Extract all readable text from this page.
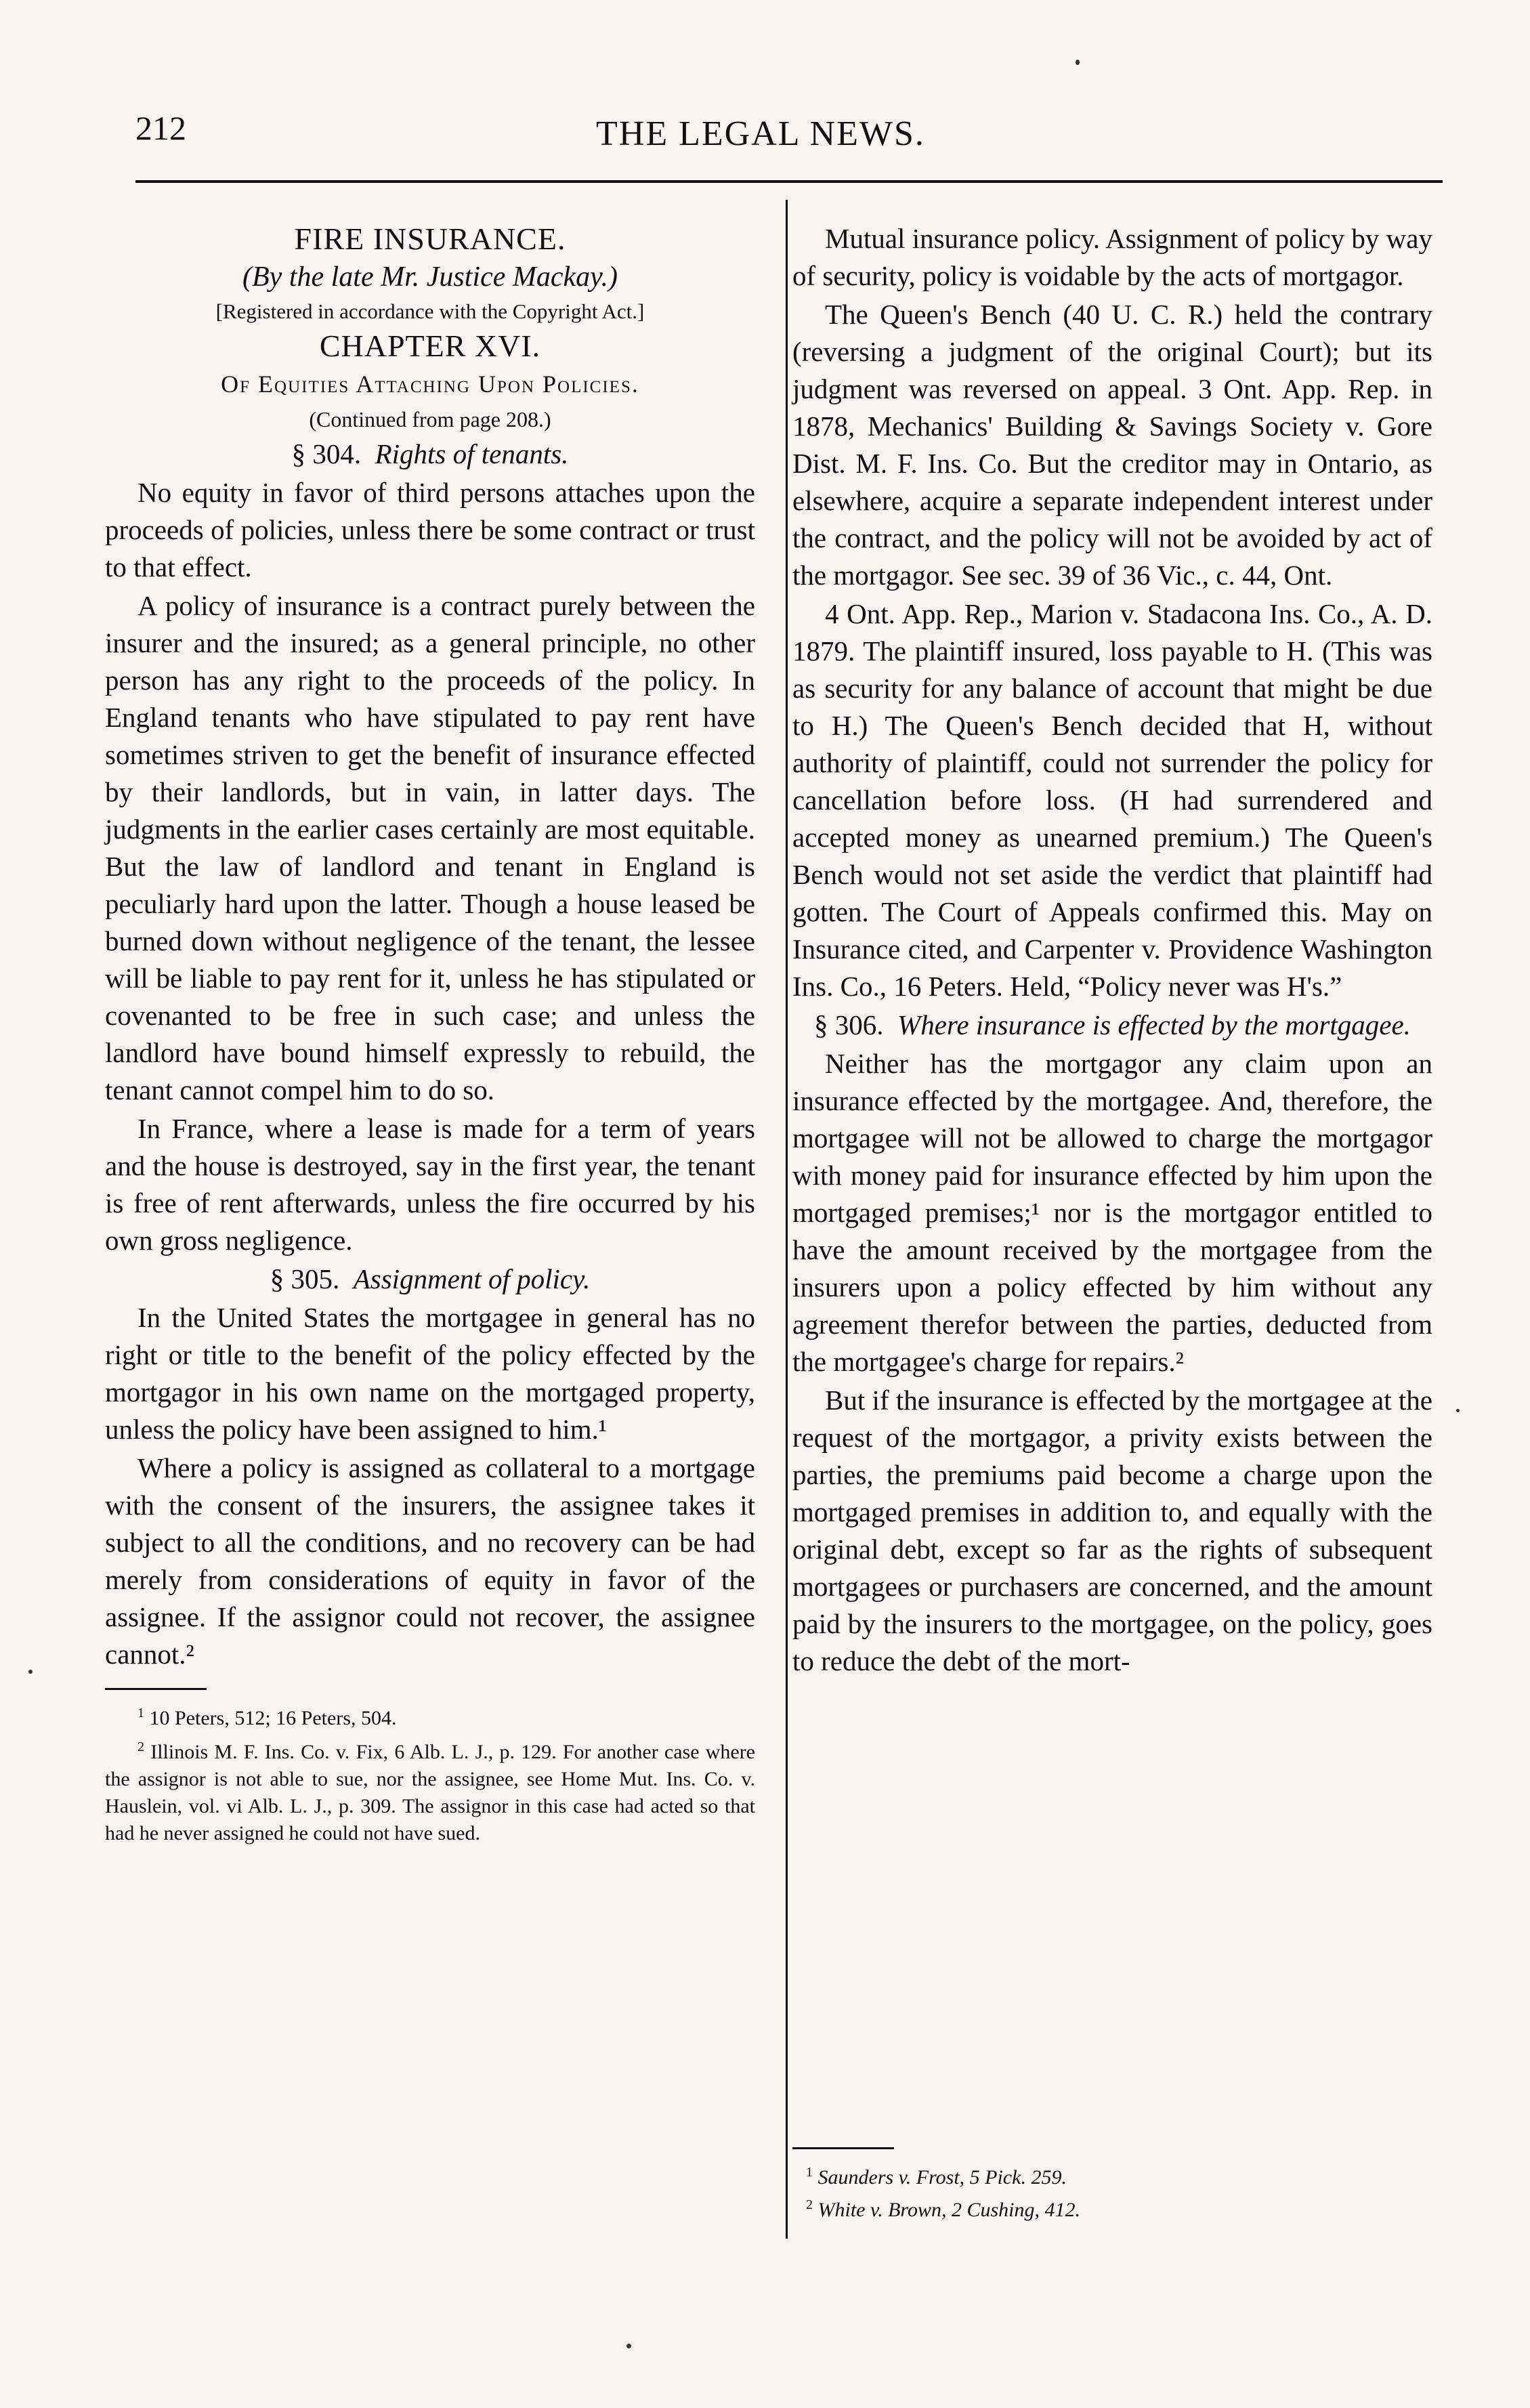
212	THE LEGAL NEWS.

FIRE INSURANCE.

(By the late Mr. Justice Mackay.)

[Registered in accordance with the Copyright Act.]

CHAPTER XVI.

Of Equities Attaching Upon Policies.

(Continued from page 208.)

§ 304. Rights of tenants.

No equity in favor of third persons attaches upon the proceeds of policies, unless there be some contract or trust to that effect.

A policy of insurance is a contract purely between the insurer and the insured; as a general principle, no other person has any right to the proceeds of the policy. In England tenants who have stipulated to pay rent have sometimes striven to get the benefit of insurance effected by their landlords, but in vain, in latter days. The judgments in the earlier cases certainly are most equitable. But the law of landlord and tenant in England is peculiarly hard upon the latter. Though a house leased be burned down without negligence of the tenant, the lessee will be liable to pay rent for it, unless he has stipulated or covenanted to be free in such case; and unless the landlord have bound himself expressly to rebuild, the tenant cannot compel him to do so.

In France, where a lease is made for a term of years and the house is destroyed, say in the first year, the tenant is free of rent afterwards, unless the fire occurred by his own gross negligence.

§ 305. Assignment of policy.

In the United States the mortgagee in general has no right or title to the benefit of the policy effected by the mortgagor in his own name on the mortgaged property, unless the policy have been assigned to him.¹

Where a policy is assigned as collateral to a mortgage with the consent of the insurers, the assignee takes it subject to all the conditions, and no recovery can be had merely from considerations of equity in favor of the assignee. If the assignor could not recover, the assignee cannot.²

$^1$ 10 Peters, 512; 16 Peters, 504.

$^2$ Illinois M. F. Ins. Co. v. Fix, 6 Alb. L. J., p. 129. For another case where the assignor is not able to sue, nor the assignee, see Home Mut. Ins. Co. v. Hauslein, vol. vi Alb. L. J., p. 309. The assignor in this case had acted so that had he never assigned he could not have sued.

Mutual insurance policy. Assignment of policy by way of security, policy is voidable by the acts of mortgagor.

The Queen's Bench (40 U. C. R.) held the contrary (reversing a judgment of the original Court); but its judgment was reversed on appeal. 3 Ont. App. Rep. in 1878, Mechanics' Building & Savings Society v. Gore Dist. M. F. Ins. Co. But the creditor may in Ontario, as elsewhere, acquire a separate independent interest under the contract, and the policy will not be avoided by act of the mortgagor. See sec. 39 of 36 Vic., c. 44, Ont.

4 Ont. App. Rep., Marion v. Stadacona Ins. Co., A. D. 1879. The plaintiff insured, loss payable to H. (This was as security for any balance of account that might be due to H.) The Queen's Bench decided that H, without authority of plaintiff, could not surrender the policy for cancellation before loss. (H had surrendered and accepted money as unearned premium.) The Queen's Bench would not set aside the verdict that plaintiff had gotten. The Court of Appeals confirmed this. May on Insurance cited, and Carpenter v. Providence Washington Ins. Co., 16 Peters. Held, “Policy never was H's.”

§ 306. Where insurance is effected by the mortgagee.

Neither has the mortgagor any claim upon an insurance effected by the mortgagee. And, therefore, the mortgagee will not be allowed to charge the mortgagor with money paid for insurance effected by him upon the mortgaged premises;¹ nor is the mortgagor entitled to have the amount received by the mortgagee from the insurers upon a policy effected by him without any agreement therefor between the parties, deducted from the mortgagee's charge for repairs.²

But if the insurance is effected by the mortgagee at the request of the mortgagor, a privity exists between the parties, the premiums paid become a charge upon the mortgaged premises in addition to, and equally with the original debt, except so far as the rights of subsequent mortgagees or purchasers are concerned, and the amount paid by the insurers to the mortgagee, on the policy, goes to reduce the debt of the mort-

$^1$ Saunders v. Frost, 5 Pick. 259.

$^2$ White v. Brown, 2 Cushing, 412.
